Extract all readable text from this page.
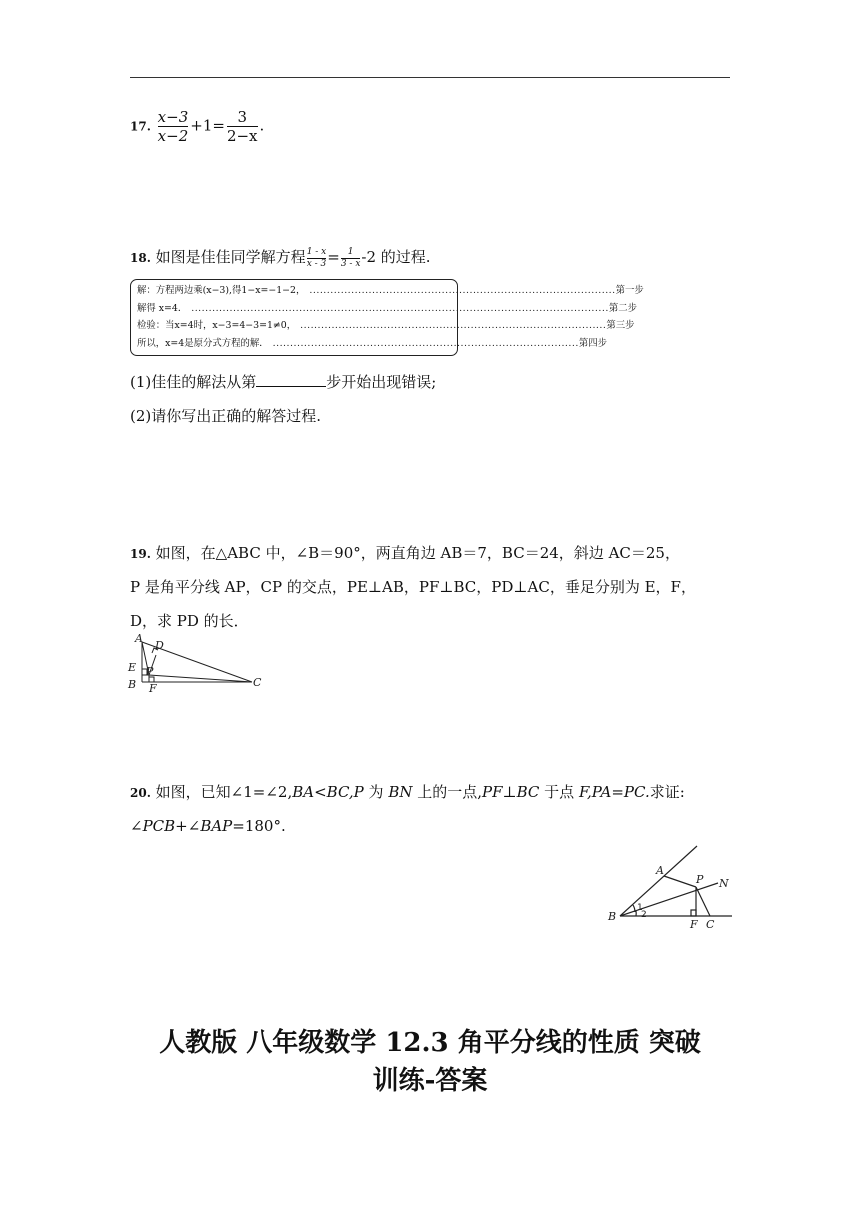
17. $\frac{x-3}{x-2} +1= \frac{3}{2-x}$ .
18. 如图是佳佳同学解方程 $\frac{1 - x}{x - 3} = \frac{1}{3 - x} -2$ 的过程.
解：方程两边乘(x−3),得1−x=−1−2， ........................................................................................ 第一步
解得 x=4． ........................................................................................................................ 第二步
检验：当x=4时，x−3=4−3=1≠0， ........................................................................................ 第三步
所以，x=4是原分式方程的解． ........................................................................................ 第四步
(1)佳佳的解法从第	步开始出现错误;
(2)请你写出正确的解答过程.
19. 如图，在△ABC 中，∠B＝90°，两直角边 AB＝7，BC＝24，斜边 AC＝25，
P 是角平分线 AP，CP 的交点，PE⊥AB，PF⊥BC，PD⊥AC，垂足分别为 E，F，
D，求 PD 的长．
A
D
E P
B F	C
20. 如图，已知∠1=∠2,BA<BC,P 为 BN 上的一点,PF⊥BC 于点 F,PA=PC.求证:
∠PCB+∠BAP=180°.
A
P N
B
F C
1
2
人教版 八年级数学 12.3 角平分线的性质 突破
训练-答案
